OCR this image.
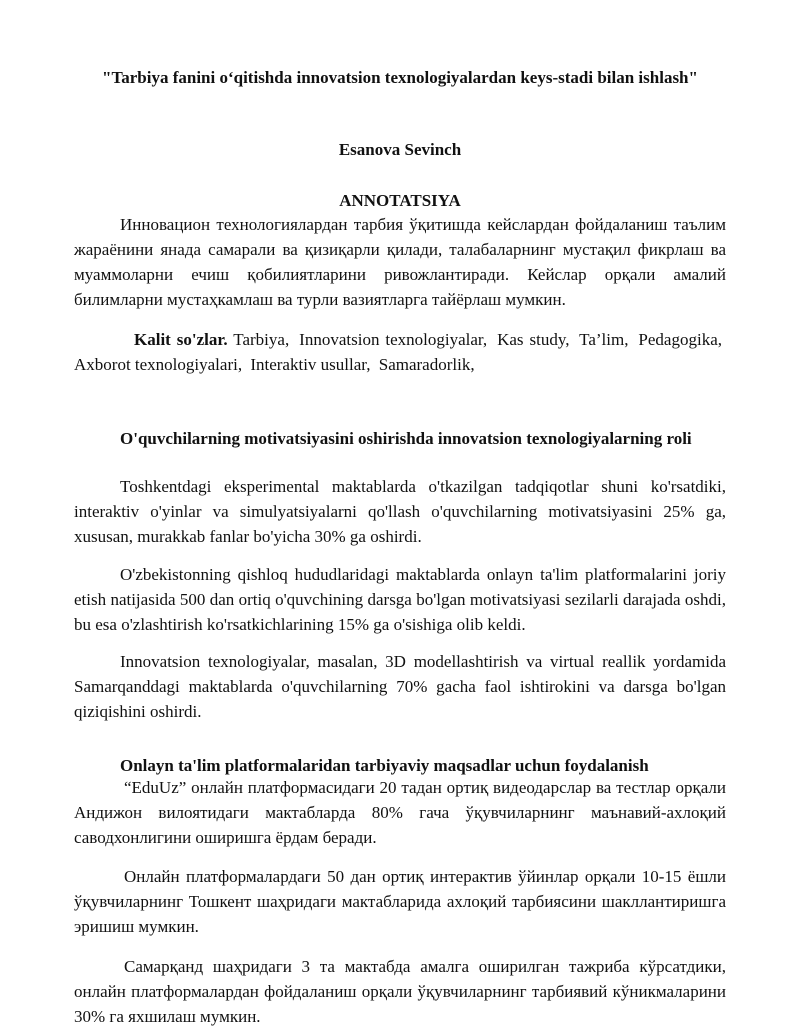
"Tarbiya fanini o‘qitishda innovatsion texnologiyalardan keys-stadi bilan ishlash"
Esanova Sevinch
ANNOTATSIYA

Инновацион технологиялардан тарбия ўқитишда кейслардан фойдаланиш таълим жараёнини янада самарали ва қизиқарли қилади, талабаларнинг мустақил фикрлаш ва муаммоларни ечиш қобилиятларини ривожлантиради. Кейслар орқали амалий билимларни мустаҳкамлаш ва турли вазиятларга тайёрлаш мумкин.

Kalit so'zlar. Tarbiya, Innovatsion texnologiyalar, Kas study, Ta’lim, Pedagogika, Axborot texnologiyalari, Interaktiv usullar, Samaradorlik,

O'quvchilarning motivatsiyasini oshirishda innovatsion texnologiyalarning roli

Toshkentdagi eksperimental maktablarda o'tkazilgan tadqiqotlar shuni ko'rsatdiki, interaktiv o'yinlar va simulyatsiyalarni qo'llash o'quvchilarning motivatsiyasini 25% ga, xususan, murakkab fanlar bo'yicha 30% ga oshirdi.

O'zbekistonning qishloq hududlaridagi maktablarda onlayn ta'lim platformalarini joriy etish natijasida 500 dan ortiq o'quvchining darsga bo'lgan motivatsiyasi sezilarli darajada oshdi, bu esa o'zlashtirish ko'rsatkichlarining 15% ga o'sishiga olib keldi.

Innovatsion texnologiyalar, masalan, 3D modellashtirish va virtual reallik yordamida Samarqanddagi maktablarda o'quvchilarning 70% gacha faol ishtirokini va darsga bo'lgan qiziqishini oshirdi.

Onlayn ta'lim platformalaridan tarbiyaviy maqsadlar uchun foydalanish

“EduUz” онлайн платформасидаги 20 тадан ортиқ видеодарслар ва тестлар орқали Андижон вилоятидаги мактабларда 80% гача ўқувчиларнинг маънавий-ахлоқий саводхонлигини оширишга ёрдам беради.

Онлайн платформалардаги 50 дан ортиқ интерактив ўйинлар орқали 10-15 ёшли ўқувчиларнинг Тошкент шаҳридаги мактабларида ахлоқий тарбиясини шакллантиришга эришиш мумкин.

Самарқанд шаҳридаги 3 та мактабда амалга оширилган тажриба кўрсатдики, онлайн платформалардан фойдаланиш орқали ўқувчиларнинг тарбиявий кўникмаларини 30% га яхшилаш мумкин.
